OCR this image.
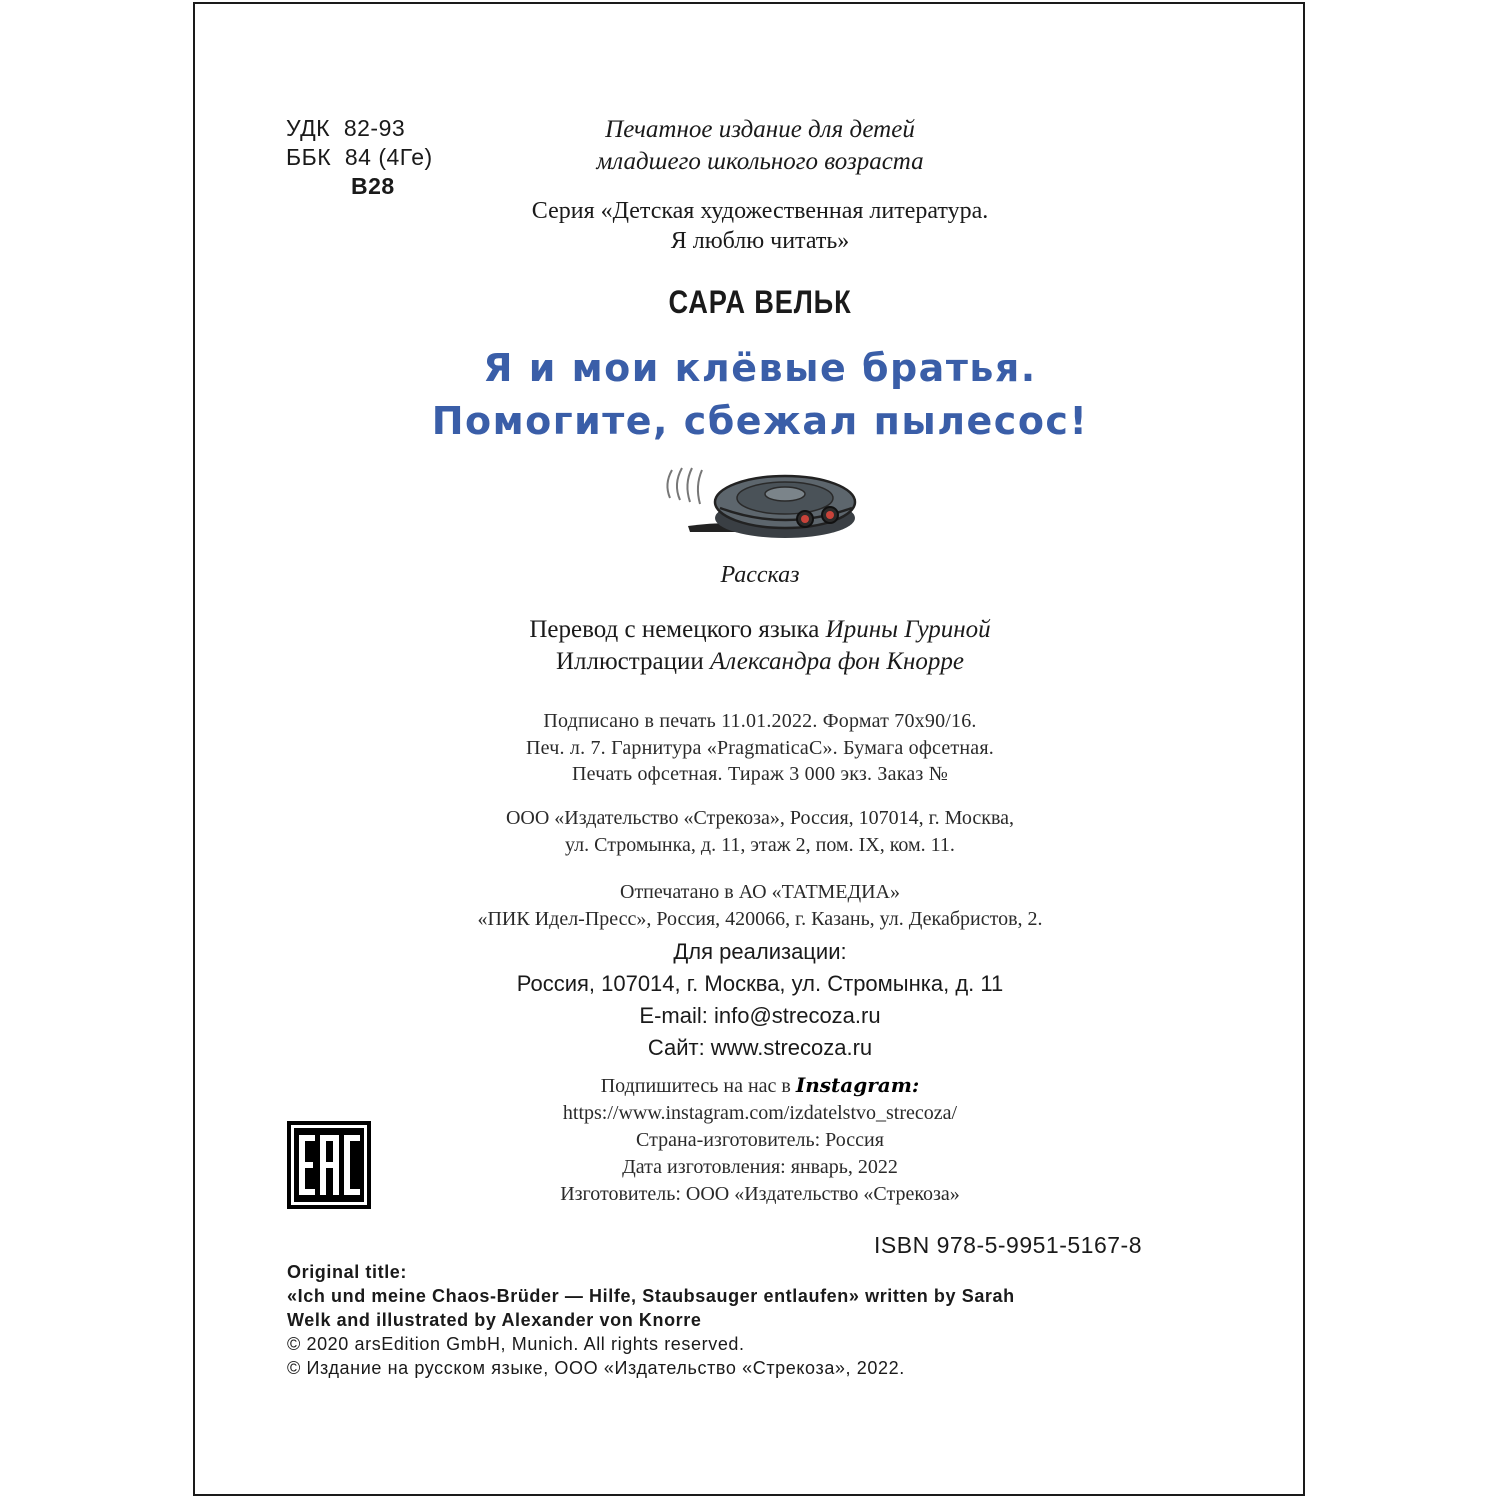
УДК 82-93
ББК 84 (4Ге)
В28
Печатное издание для детей
младшего школьного возраста
Серия «Детская художественная литература.
Я люблю читать»
САРА ВЕЛЬК
Я и мои клёвые братья.
Помогите, сбежал пылесос!
Рассказ
Перевод с немецкого языка Ирины Гуриной
Иллюстрации Александра фон Кнорре
Подписано в печать 11.01.2022. Формат 70х90/16.
Печ. л. 7. Гарнитура «PragmaticaC». Бумага офсетная.
Печать офсетная. Тираж 3 000 экз. Заказ №
ООО «Издательство «Стрекоза», Россия, 107014, г. Москва,
ул. Стромынка, д. 11, этаж 2, пом. IX, ком. 11.
Отпечатано в АО «ТАТМЕДИА»
«ПИК Идел-Пресс», Россия, 420066, г. Казань, ул. Декабристов, 2.
Для реализации:
Россия, 107014, г. Москва, ул. Стромынка, д. 11
E-mail: info@strecoza.ru
Сайт: www.strecoza.ru
Подпишитесь на нас в Instagram:
https://www.instagram.com/izdatelstvo_strecoza/
Страна-изготовитель: Россия
Дата изготовления: январь, 2022
Изготовитель: ООО «Издательство «Стрекоза»
ISBN 978-5-9951-5167-8
Original title:
«Ich und meine Chaos-Brüder — Hilfe, Staubsauger entlaufen» written by Sarah
Welk and illustrated by Alexander von Knorre
© 2020 arsEdition GmbH, Munich. All rights reserved.
© Издание на русском языке, ООО «Издательство «Стрекоза», 2022.
